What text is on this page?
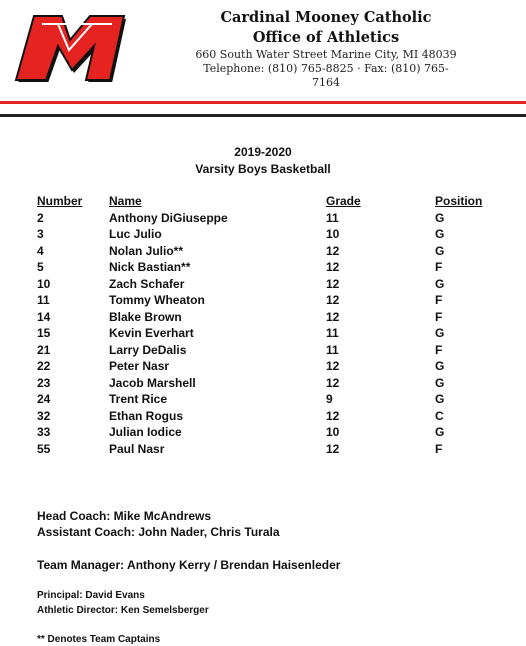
Cardinal Mooney Catholic
Office of Athletics
660 South Water Street Marine City, MI 48039
Telephone: (810) 765-8825 · Fax: (810) 765-7164
2019-2020
Varsity Boys Basketball
Number Name	Grade	Position
2	Anthony DiGiuseppe	11	G
3	Luc Julio	10	G
4	Nolan Julio**	12	G
5	Nick Bastian**	12	F
10	Zach Schafer	12	G
11	Tommy Wheaton	12	F
14	Blake Brown	12	F
15	Kevin Everhart	11	G
21	Larry DeDalis	11	F
22	Peter Nasr	12	G
23	Jacob Marshell	12	G
24	Trent Rice	9	G
32	Ethan Rogus	12	C
33	Julian Iodice	10	G
55	Paul Nasr	12	F
Head Coach: Mike McAndrews
Assistant Coach: John Nader, Chris Turala
Team Manager: Anthony Kerry / Brendan Haisenleder
Principal: David Evans
Athletic Director: Ken Semelsberger
** Denotes Team Captains
